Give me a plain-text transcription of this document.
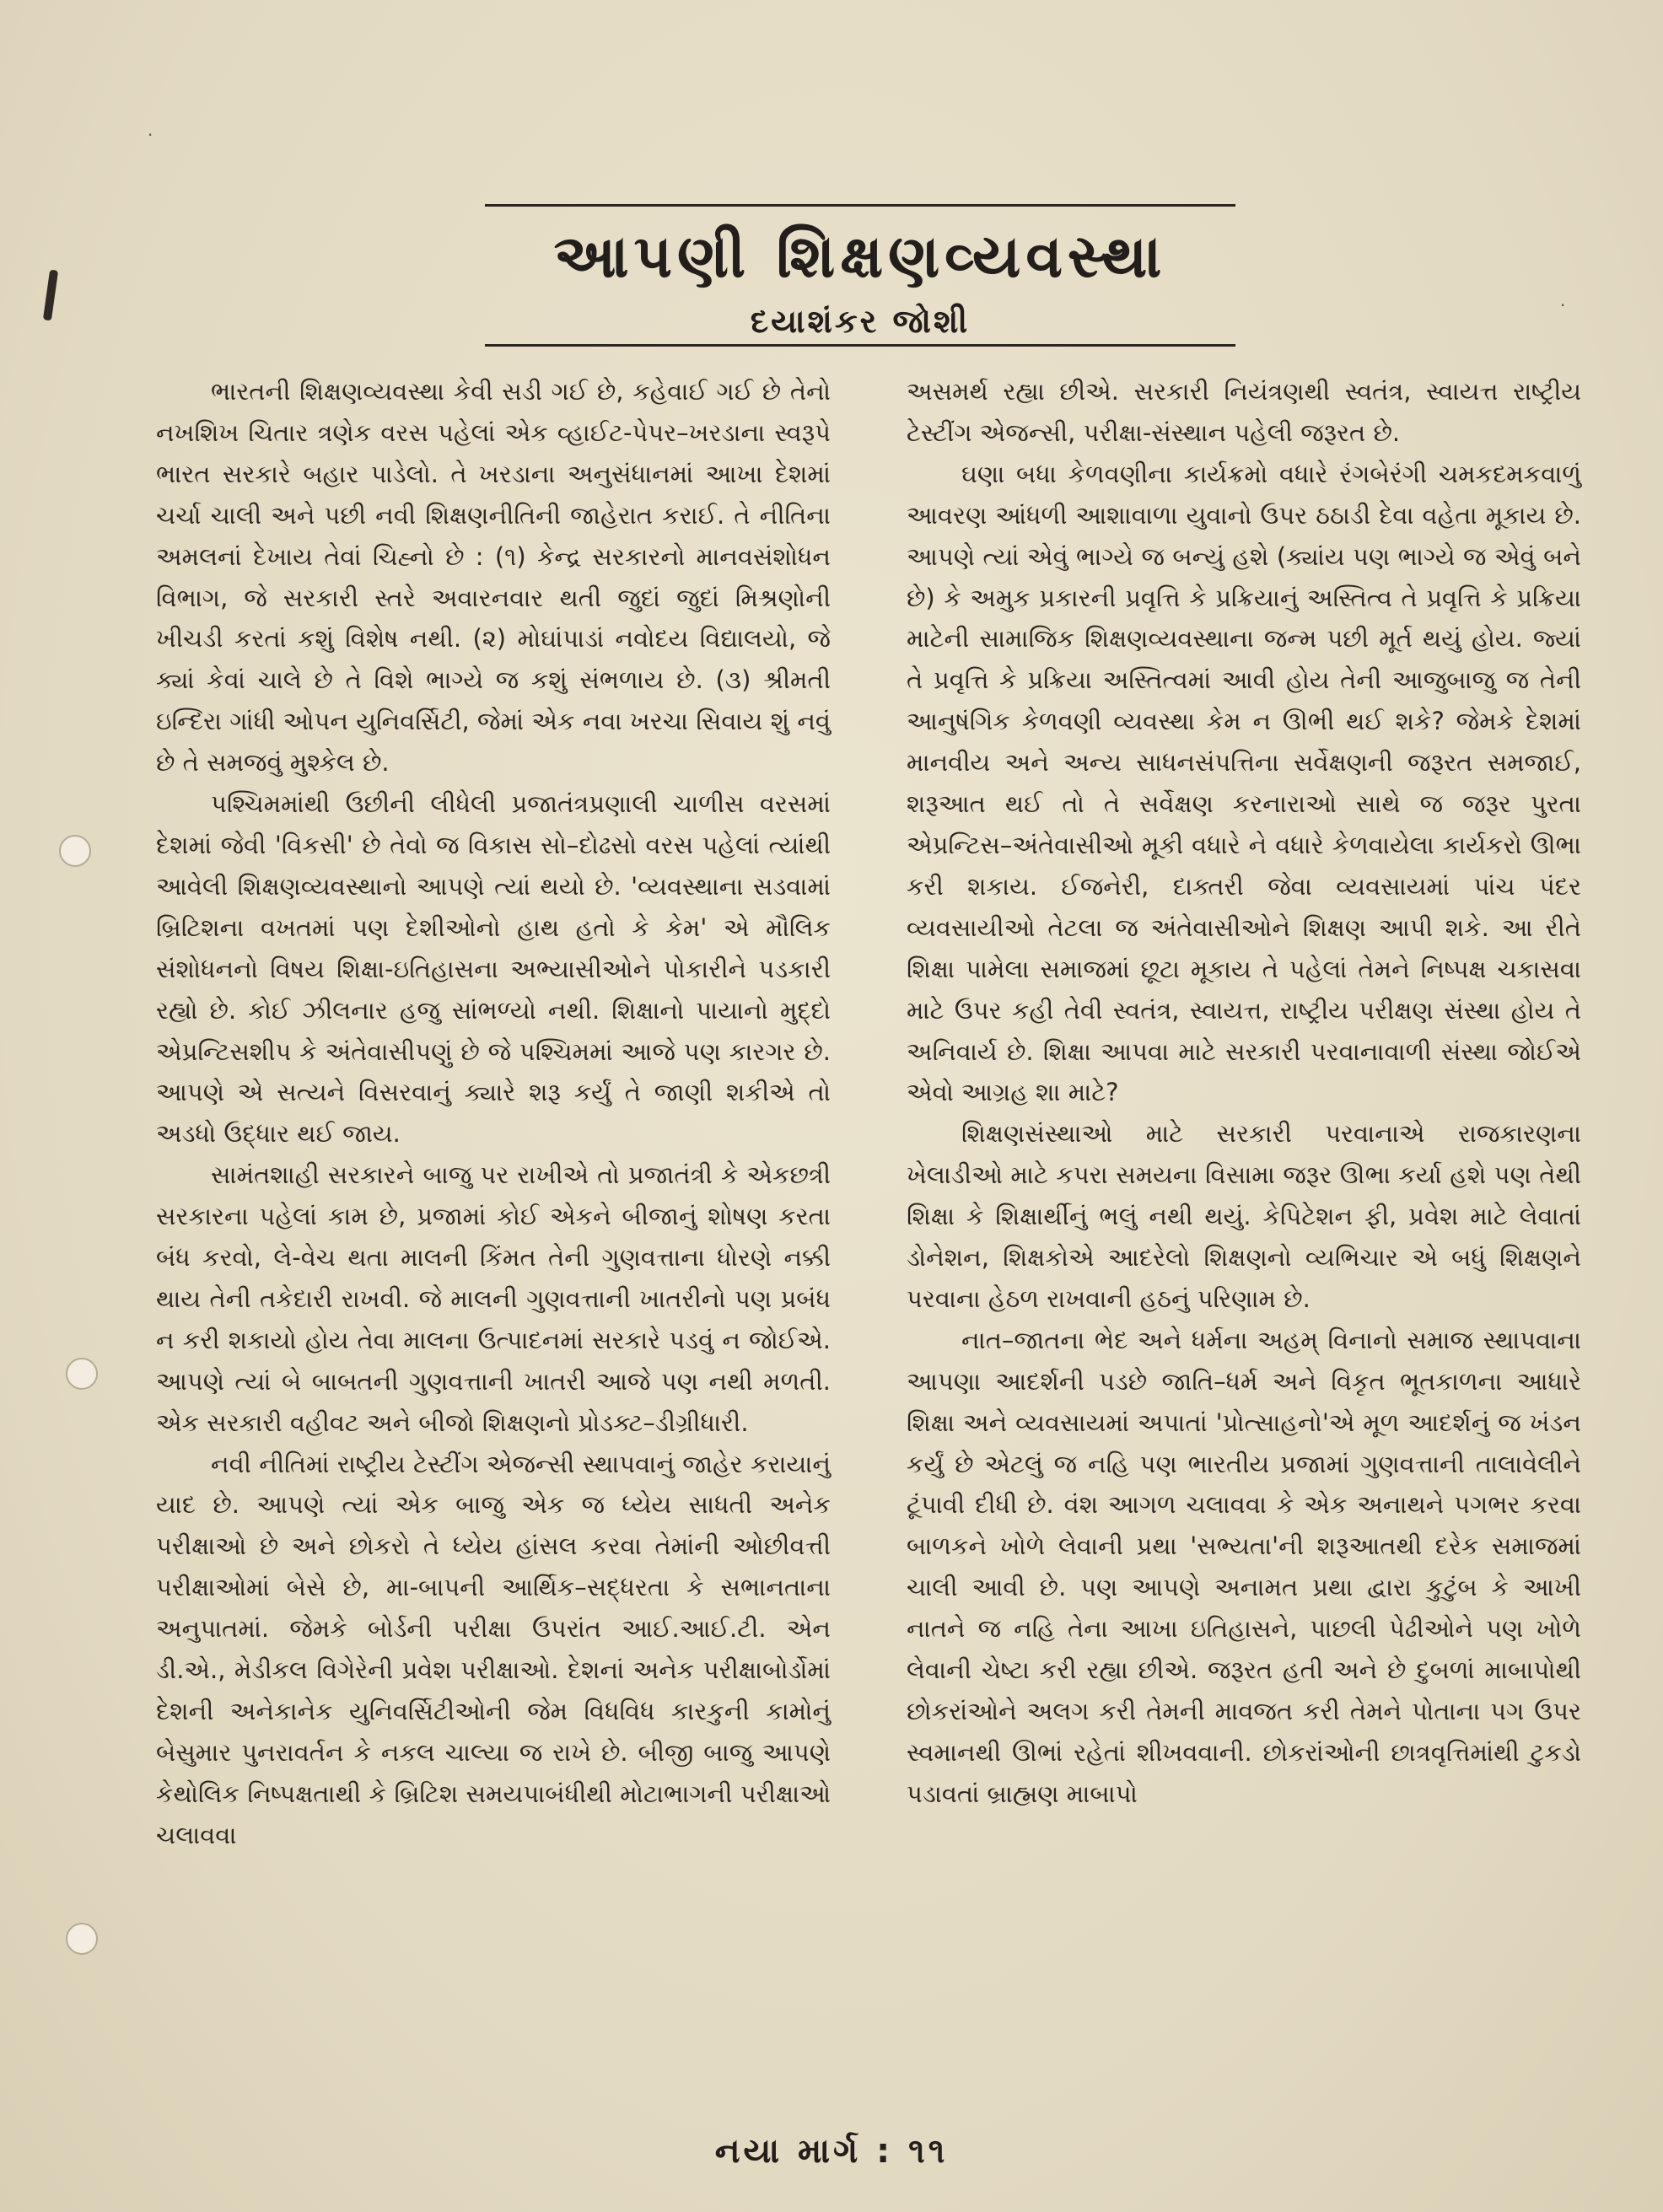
આપણી શિક્ષણવ્યવસ્થા
દયાશંકર જોશી

ભારતની શિક્ષણવ્યવસ્થા કેવી સડી ગઈ છે, કહેવાઈ ગઈ છે તેનો નખશિખ ચિતાર ત્રણેક વરસ પહેલાં એક વ્હાઈટ-પેપર–ખરડાના સ્વરૂપે ભારત સરકારે બહાર પાડેલો. તે ખરડાના અનુસંધાનમાં આખા દેશમાં ચર્ચા ચાલી અને પછી નવી શિક્ષણનીતિની જાહેરાત કરાઈ. તે નીતિના અમલનાં દેખાય તેવાં ચિહ્નો છે : (૧) કેન્દ્ર સરકારનો માનવસંશોધન વિભાગ, જે સરકારી સ્તરે અવારનવાર થતી જુદાં જુદાં મિશ્રણોની ખીચડી કરતાં કશું વિશેષ નથી. (૨) મોઘાંપાડાં નવોદય વિદ્યાલયો, જે ક્યાં કેવાં ચાલે છે તે વિશે ભાગ્યે જ કશું સંભળાય છે. (૩) શ્રીમતી ઇન્દિરા ગાંધી ઓપન યુનિવર્સિટી, જેમાં એક નવા ખરચા સિવાય શું નવું છે તે સમજવું મુશ્કેલ છે.

પશ્ચિમમાંથી ઉછીની લીધેલી પ્રજાતંત્રપ્રણાલી ચાળીસ વરસમાં દેશમાં જેવી 'વિકસી' છે તેવો જ વિકાસ સો–દોઢસો વરસ પહેલાં ત્યાંથી આવેલી શિક્ષણવ્યવસ્થાનો આપણે ત્યાં થયો છે. 'વ્યવસ્થાના સડવામાં બ્રિટિશના વખતમાં પણ દેશીઓનો હાથ હતો કે કેમ' એ મૌલિક સંશોધનનો વિષય શિક્ષા-ઇતિહાસના અભ્યાસીઓને પોકારીને પડકારી રહ્યો છે. કોઈ ઝીલનાર હજુ સાંભળ્યો નથી. શિક્ષાનો પાયાનો મુદ્દો એપ્રન્ટિસશીપ કે અંતેવાસીપણું છે જે પશ્ચિમમાં આજે પણ કારગર છે. આપણે એ સત્યને વિસરવાનું ક્યારે શરૂ કર્યું તે જાણી શકીએ તો અડધો ઉદ્ધાર થઈ જાય.

સામંતશાહી સરકારને બાજુ પર રાખીએ તો પ્રજાતંત્રી કે એકછત્રી સરકારના પહેલાં કામ છે, પ્રજામાં કોઈ એકને બીજાનું શોષણ કરતા બંધ કરવો, લે-વેચ થતા માલની કિંમત તેની ગુણવત્તાના ધોરણે નક્કી થાય તેની તકેદારી રાખવી. જે માલની ગુણવત્તાની ખાતરીનો પણ પ્રબંધ ન કરી શકાયો હોય તેવા માલના ઉત્પાદનમાં સરકારે પડવું ન જોઈએ. આપણે ત્યાં બે બાબતની ગુણવત્તાની ખાતરી આજે પણ નથી મળતી. એક સરકારી વહીવટ અને બીજો શિક્ષણનો પ્રોડક્ટ–ડીગ્રીધારી.

નવી નીતિમાં રાષ્ટ્રીય ટેસ્ટીંગ એજન્સી સ્થાપવાનું જાહેર કરાયાનું યાદ છે. આપણે ત્યાં એક બાજુ એક જ ધ્યેય સાધતી અનેક પરીક્ષાઓ છે અને છોકરો તે ધ્યેય હાંસલ કરવા તેમાંની ઓછીવત્તી પરીક્ષાઓમાં બેસે છે, મા-બાપની આર્થિક–સદ્ધરતા કે સભાનતાના અનુપાતમાં. જેમકે બોર્ડની પરીક્ષા ઉપરાંત આઈ.આઈ.ટી. એન ડી.એ., મેડીકલ વિગેરેની પ્રવેશ પરીક્ષાઓ. દેશનાં અનેક પરીક્ષાબોર્ડોમાં દેશની અનેકાનેક યુનિવર્સિટીઓની જેમ વિધવિધ કારકુની કામોનું બેસુમાર પુનરાવર્તન કે નકલ ચાલ્યા જ રાખે છે. બીજી બાજુ આપણે કેથોલિક નિષ્પક્ષતાથી કે બ્રિટિશ સમયપાબંધીથી મોટાભાગની પરીક્ષાઓ ચલાવવા

અસમર્થ રહ્યા છીએ. સરકારી નિયંત્રણથી સ્વતંત્ર, સ્વાયત્ત રાષ્ટ્રીય ટેસ્ટીંગ એજન્સી, પરીક્ષા-સંસ્થાન પહેલી જરૂરત છે.

ઘણા બધા કેળવણીના કાર્યક્રમો વધારે રંગબેરંગી ચમકદમકવાળું આવરણ આંધળી આશાવાળા યુવાનો ઉપર ઠઠાડી દેવા વહેતા મૂકાય છે. આપણે ત્યાં એવું ભાગ્યે જ બન્યું હશે (ક્યાંય પણ ભાગ્યે જ એવું બને છે) કે અમુક પ્રકારની પ્રવૃત્તિ કે પ્રક્રિયાનું અસ્તિત્વ તે પ્રવૃત્તિ કે પ્રક્રિયા માટેની સામાજિક શિક્ષણવ્યવસ્થાના જન્મ પછી મૂર્ત થયું હોય. જ્યાં તે પ્રવૃત્તિ કે પ્રક્રિયા અસ્તિત્વમાં આવી હોય તેની આજુબાજુ જ તેની આનુષંગિક કેળવણી વ્યવસ્થા કેમ ન ઊભી થઈ શકે? જેમકે દેશમાં માનવીય અને અન્ય સાધનસંપત્તિના સર્વેક્ષણની જરૂરત સમજાઈ, શરૂઆત થઈ તો તે સર્વેક્ષણ કરનારાઓ સાથે જ જરૂર પુરતા એપ્રન્ટિસ–અંતેવાસીઓ મૂકી વધારે ને વધારે કેળવાયેલા કાર્યકરો ઊભા કરી શકાય. ઈજનેરી, દાક્તરી જેવા વ્યવસાયમાં પાંચ પંદર વ્યવસાયીઓ તેટલા જ અંતેવાસીઓને શિક્ષણ આપી શકે. આ રીતે શિક્ષા પામેલા સમાજમાં છૂટા મૂકાય તે પહેલાં તેમને નિષ્પક્ષ ચકાસવા માટે ઉપર કહી તેવી સ્વતંત્ર, સ્વાયત્ત, રાષ્ટ્રીય પરીક્ષણ સંસ્થા હોય તે અનિવાર્ય છે. શિક્ષા આપવા માટે સરકારી પરવાનાવાળી સંસ્થા જોઈએ એવો આગ્રહ શા માટે?

શિક્ષણસંસ્થાઓ માટે સરકારી પરવાનાએ રાજકારણના ખેલાડીઓ માટે કપરા સમયના વિસામા જરૂર ઊભા કર્યા હશે પણ તેથી શિક્ષા કે શિક્ષાર્થીનું ભલું નથી થયું. કેપિટેશન ફી, પ્રવેશ માટે લેવાતાં ડોનેશન, શિક્ષકોએ આદરેલો શિક્ષણનો વ્યભિચાર એ બધું શિક્ષણને પરવાના હેઠળ રાખવાની હઠનું પરિણામ છે.

નાત–જાતના ભેદ અને ધર્મના અહમ્ વિનાનો સમાજ સ્થાપવાના આપણા આદર્શની પડછે જાતિ–ધર્મ અને વિકૃત ભૂતકાળના આધારે શિક્ષા અને વ્યવસાયમાં અપાતાં 'પ્રોત્સાહનો'એ મૂળ આદર્શનું જ ખંડન કર્યું છે એટલું જ નહિ પણ ભારતીય પ્રજામાં ગુણવત્તાની તાલાવેલીને ટૂંપાવી દીધી છે. વંશ આગળ ચલાવવા કે એક અનાથને પગભર કરવા બાળકને ખોળે લેવાની પ્રથા 'સભ્યતા'ની શરૂઆતથી દરેક સમાજમાં ચાલી આવી છે. પણ આપણે અનામત પ્રથા દ્વારા કુટુંબ કે આખી નાતને જ નહિ તેના આખા ઇતિહાસને, પાછલી પેઢીઓને પણ ખોળે લેવાની ચેષ્ટા કરી રહ્યા છીએ. જરૂરત હતી અને છે દુબળાં માબાપોથી છોકરાંઓને અલગ કરી તેમની માવજત કરી તેમને પોતાના પગ ઉપર સ્વમાનથી ઊભાં રહેતાં શીખવવાની. છોકરાંઓની છાત્રવૃત્તિમાંથી ટુકડો પડાવતાં બ્રાહ્મણ માબાપો

નયા માર્ગ : ૧૧
·
·
